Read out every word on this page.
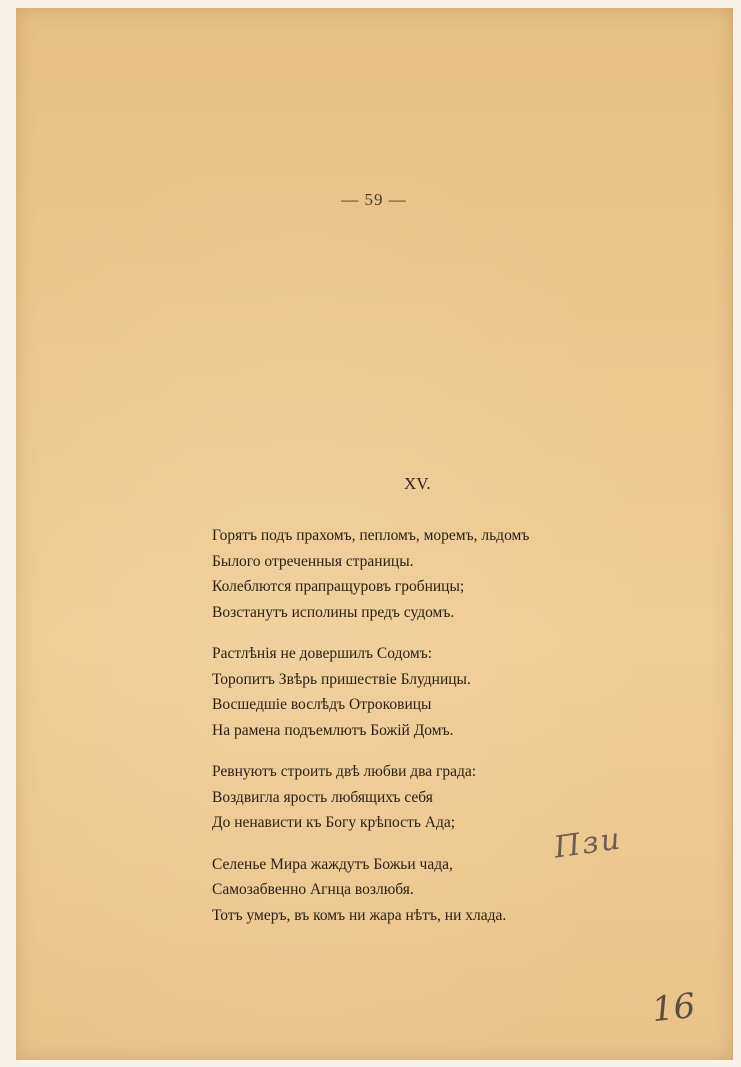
— 59 —
XV.
Горятъ подъ прахомъ, пепломъ, моремъ, льдомъ
Былого отреченныя страницы.
Колеблются прапращуровъ гробницы;
Возстанутъ исполины предъ судомъ.
Растлѣнія не довершилъ Содомъ:
Торопитъ Звѣрь пришествіе Блудницы.
Восшедшіе вослѣдъ Отроковицы
На рамена подъемлютъ Божій Домъ.
Ревнуютъ строить двѣ любви два града:
Воздвигла ярость любящихъ себя
До ненависти къ Богу крѣпость Ада;
Селенье Мира жаждутъ Божьи чада,
Самозабвенно Агнца возлюбя.
Тотъ умеръ, въ комъ ни жара нѣтъ, ни хлада.
Пзи
16
